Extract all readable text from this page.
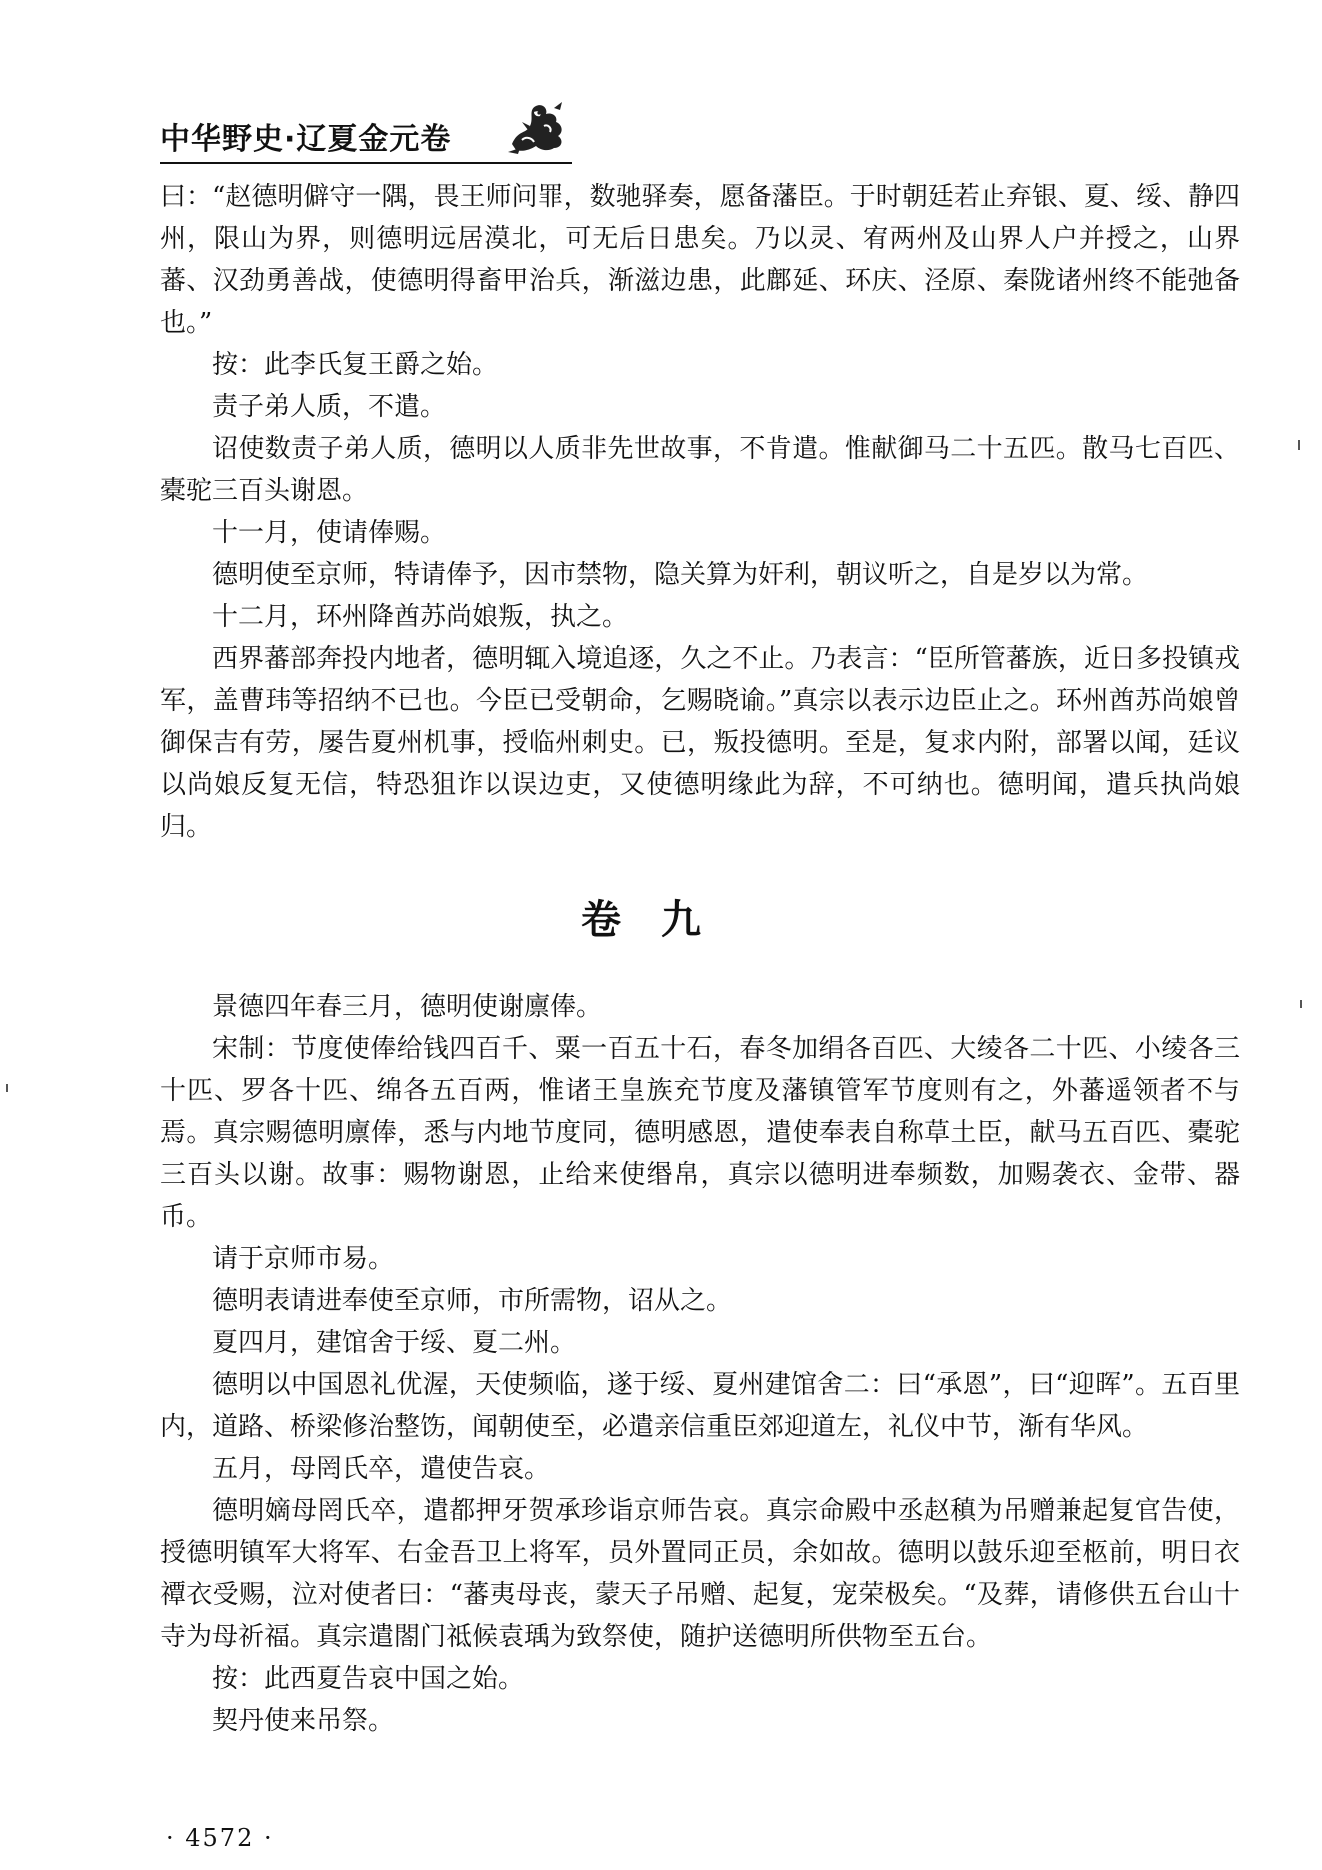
中华野史·辽夏金元卷

曰：“赵德明僻守一隅，畏王师问罪，数驰驿奏，愿备藩臣。于时朝廷若止弃银、夏、绥、静四州，限山为界，则德明远居漠北，可无后日患矣。乃以灵、宥两州及山界人户并授之，山界蕃、汉劲勇善战，使德明得畜甲治兵，渐滋边患，此鄜延、环庆、泾原、秦陇诸州终不能弛备也。”

按：此李氏复王爵之始。

责子弟人质，不遣。

诏使数责子弟人质，德明以人质非先世故事，不肯遣。惟献御马二十五匹。散马七百匹、橐驼三百头谢恩。

十一月，使请俸赐。

德明使至京师，特请俸予，因市禁物，隐关算为奸利，朝议听之，自是岁以为常。

十二月，环州降酋苏尚娘叛，执之。

西界蕃部奔投内地者，德明辄入境追逐，久之不止。乃表言：“臣所管蕃族，近日多投镇戎军，盖曹玮等招纳不已也。今臣已受朝命，乞赐晓谕。”真宗以表示边臣止之。环州酋苏尚娘曾御保吉有劳，屡告夏州机事，授临州刺史。已，叛投德明。至是，复求内附，部署以闻，廷议以尚娘反复无信，特恐狙诈以误边吏，又使德明缘此为辞，不可纳也。德明闻，遣兵执尚娘归。

卷九

景德四年春三月，德明使谢廪俸。

宋制：节度使俸给钱四百千、粟一百五十石，春冬加绢各百匹、大绫各二十匹、小绫各三十匹、罗各十匹、绵各五百两，惟诸王皇族充节度及藩镇管军节度则有之，外蕃遥领者不与焉。真宗赐德明廪俸，悉与内地节度同，德明感恩，遣使奉表自称草土臣，献马五百匹、橐驼三百头以谢。故事：赐物谢恩，止给来使缗帛，真宗以德明进奉频数，加赐袭衣、金带、器币。

请于京师市易。

德明表请进奉使至京师，市所需物，诏从之。

夏四月，建馆舍于绥、夏二州。

德明以中国恩礼优渥，天使频临，遂于绥、夏州建馆舍二：曰“承恩”，曰“迎晖”。五百里内，道路、桥梁修治整饬，闻朝使至，必遣亲信重臣郊迎道左，礼仪中节，渐有华风。

五月，母罔氏卒，遣使告哀。

德明嫡母罔氏卒，遣都押牙贺承珍诣京师告哀。真宗命殿中丞赵稹为吊赠兼起复官告使，授德明镇军大将军、右金吾卫上将军，员外置同正员，余如故。德明以鼓乐迎至柩前，明日衣禫衣受赐，泣对使者曰：“蕃夷母丧，蒙天子吊赠、起复，宠荣极矣。“及葬，请修供五台山十寺为母祈福。真宗遣閤门祗候袁瑀为致祭使，随护送德明所供物至五台。

按：此西夏告哀中国之始。

契丹使来吊祭。

· 4572 ·
